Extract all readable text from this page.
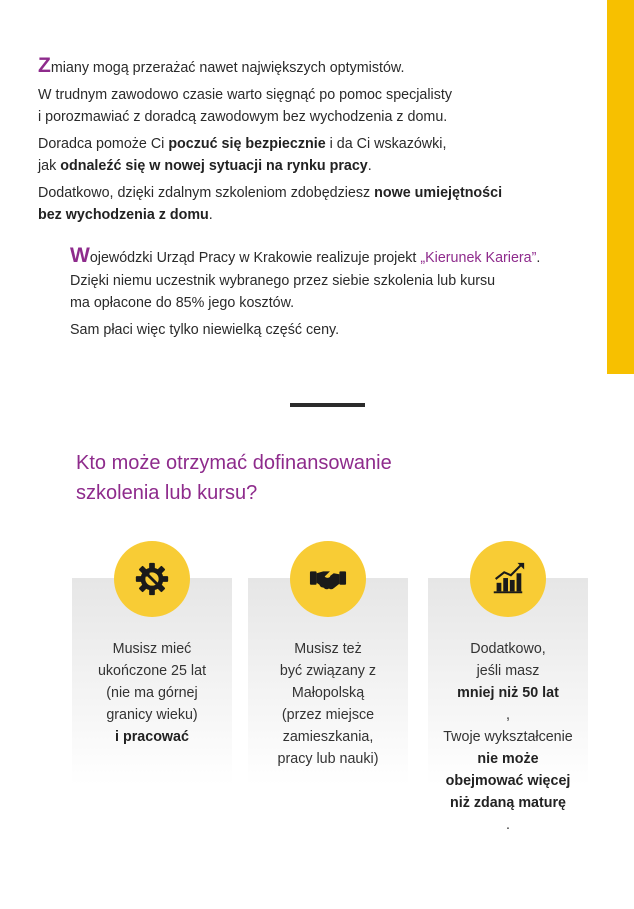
Zmiany mogą przerażać nawet największych optymistów.

W trudnym zawodowo czasie warto sięgnąć po pomoc specjalisty
i porozmawiać z doradcą zawodowym bez wychodzenia z domu.

Doradca pomoże Ci poczuć się bezpiecznie i da Ci wskazówki,
jak odnaleźć się w nowej sytuacji na rynku pracy.

Dodatkowo, dzięki zdalnym szkoleniom zdobędziesz nowe umiejętności
bez wychodzenia z domu.

Wojewódzki Urząd Pracy w Krakowie realizuje projekt „Kierunek Kariera”.
Dzięki niemu uczestnik wybranego przez siebie szkolenia lub kursu
ma opłacone do 85% jego kosztów.

Sam płaci więc tylko niewielką część ceny.

Kto może otrzymać dofinansowanie
szkolenia lub kursu?
Musisz mieć
ukończone 25 lat
(nie ma górnej
granicy wieku)
i pracować
Musisz też
być związany z
Małopolską
(przez miejsce
zamieszkania,
pracy lub nauki)
Dodatkowo,
jeśli masz
mniej niż 50 lat
,
Twoje wykształcenie
nie może
obejmować więcej
niż zdaną maturę
.
